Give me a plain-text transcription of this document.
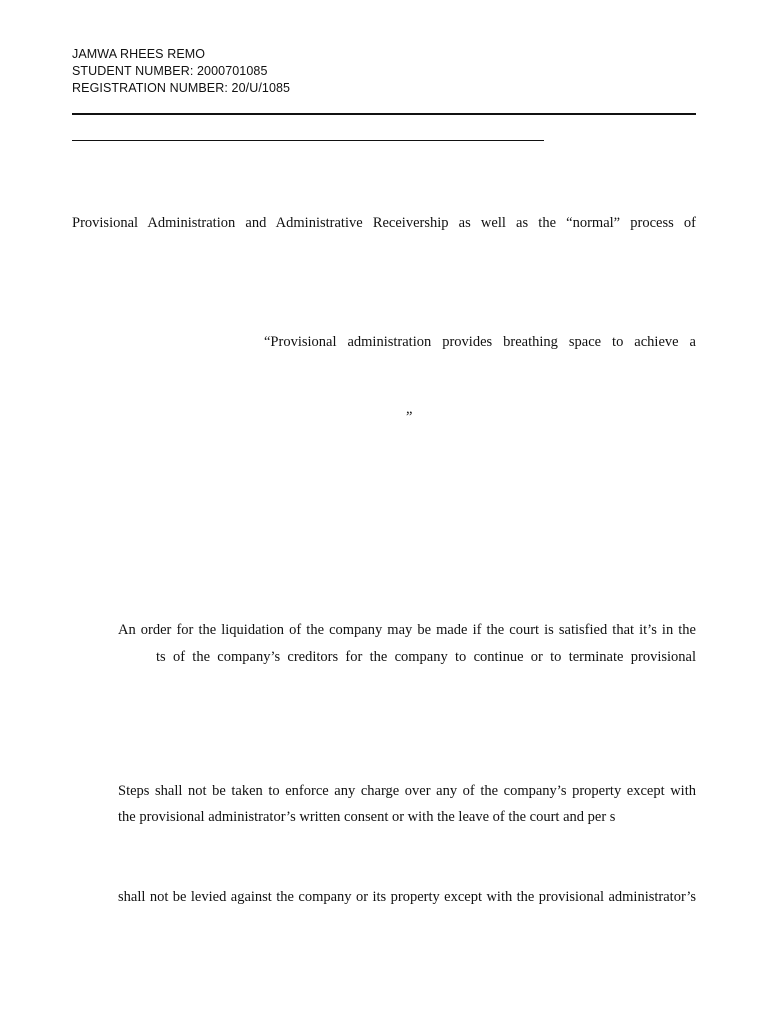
JAMWA RHEES REMO
STUDENT NUMBER: 2000701085
REGISTRATION NUMBER: 20/U/1085
Provisional Administration and Administrative Receivership as well as the “normal” process of
“Provisional administration provides breathing space to achieve a
”
An order for the liquidation of the company may be made if the court is satisfied that it’s in the
ts of the company’s creditors for the company to continue or to terminate provisional
Steps shall not be taken to enforce any charge over any of the company’s property except with
the provisional administrator’s written consent or with the leave of the court and per s
shall not be levied against the company or its property except with the provisional administrator’s
